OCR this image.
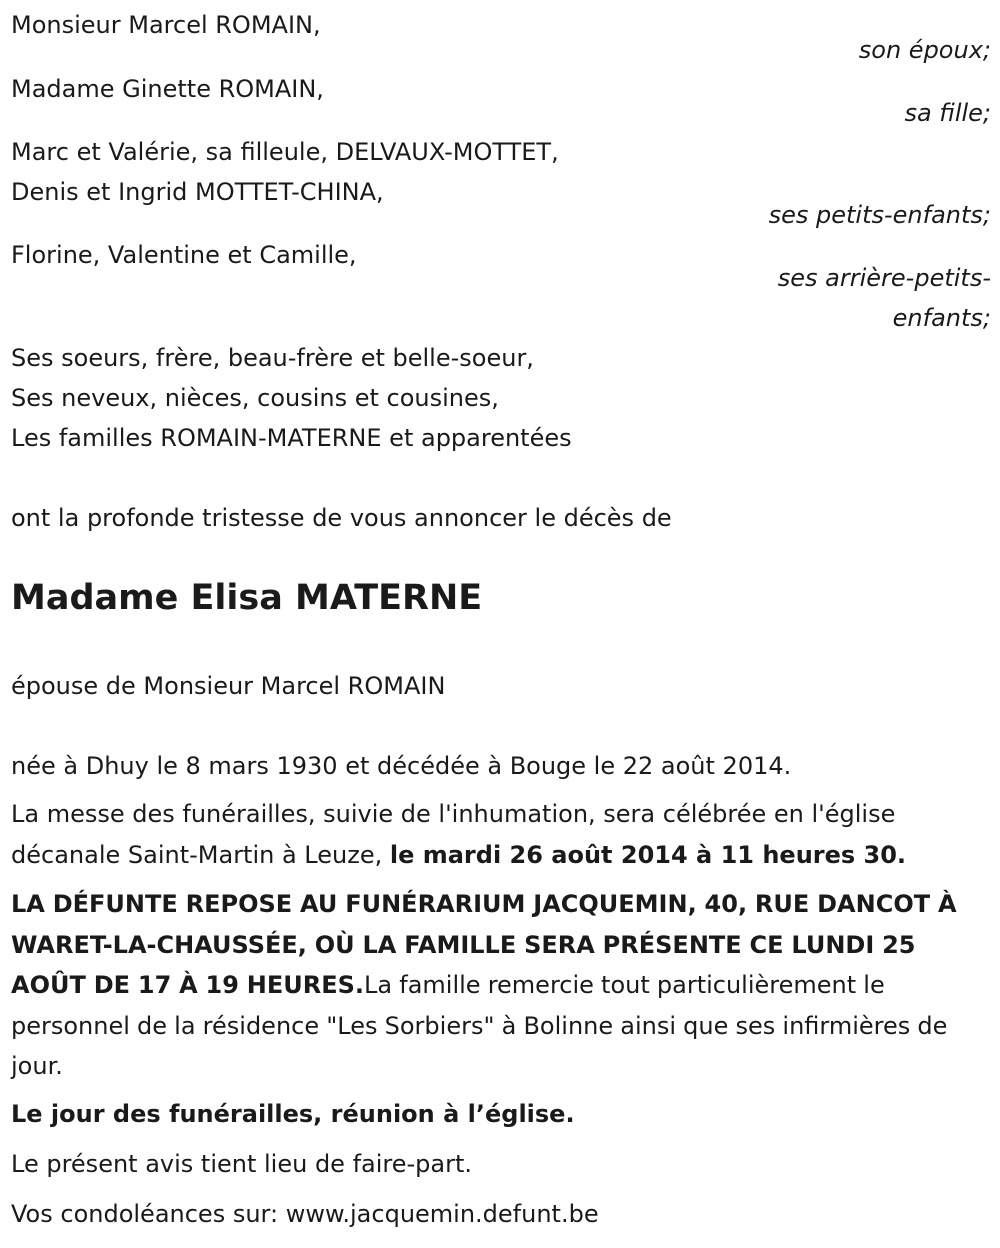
Monsieur Marcel ROMAIN,
son époux;
Madame Ginette ROMAIN,
sa fille;
Marc et Valérie, sa filleule, DELVAUX-MOTTET,
Denis et Ingrid MOTTET-CHINA,
ses petits-enfants;
Florine, Valentine et Camille,
ses arrière-petits-
enfants;
Ses soeurs, frère, beau-frère et belle-soeur,
Ses neveux, nièces, cousins et cousines,
Les familles ROMAIN-MATERNE et apparentées
ont la profonde tristesse de vous annoncer le décès de
Madame Elisa MATERNE
épouse de Monsieur Marcel ROMAIN
née à Dhuy le 8 mars 1930 et décédée à Bouge le 22 août 2014.
La messe des funérailles, suivie de l'inhumation, sera célébrée en l'église décanale Saint-Martin à Leuze, le mardi 26 août 2014 à 11 heures 30.
LA DÉFUNTE REPOSE AU FUNÉRARIUM JACQUEMIN, 40, RUE DANCOT À WARET-LA-CHAUSSÉE, OÙ LA FAMILLE SERA PRÉSENTE CE LUNDI 25 AOÛT DE 17 À 19 HEURES.La famille remercie tout particulièrement le personnel de la résidence "Les Sorbiers" à Bolinne ainsi que ses infirmières de jour.
Le jour des funérailles, réunion à l’église.
Le présent avis tient lieu de faire-part.
Vos condoléances sur: www.jacquemin.defunt.be
